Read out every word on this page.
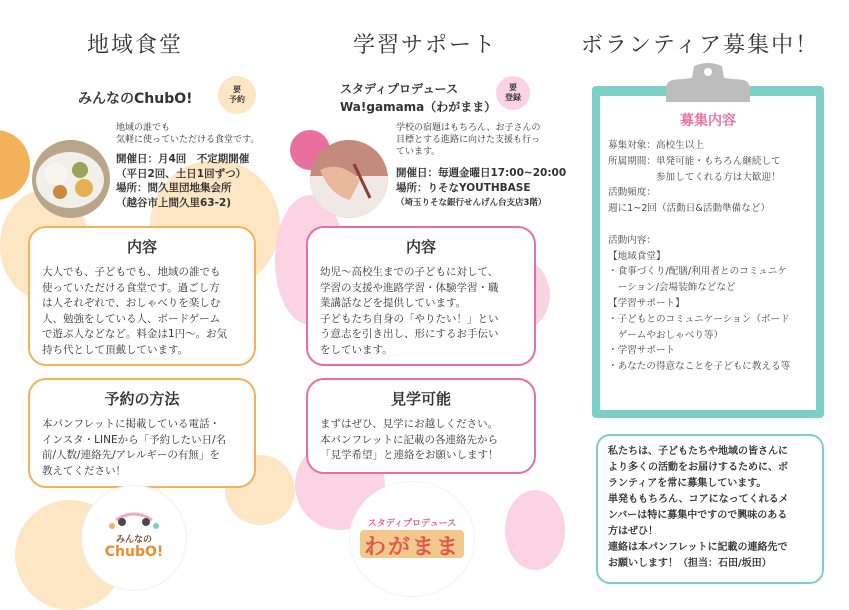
地域食堂	学習サポート	ボランティア募集中！
みんなのChubO!
要
予約
地域の誰でも
気軽に使っていただける食堂です。
開催日：月4回　不定期開催
（平日2回、土日1回ずつ）
場所：間久里団地集会所
（越谷市上間久里63-2)
内容
大人でも、子どもでも、地域の誰でも
使っていただける食堂です。過ごし方
は人それぞれで、おしゃべりを楽しむ
人、勉強をしている人、ボードゲーム
で遊ぶ人などなど。料金は1円～。お気
持ち代として頂戴しています。
予約の方法
本パンフレットに掲載している電話・
インスタ・LINEから「予約したい日/名
前/人数/連絡先/アレルギーの有無」を
教えてください！
みんなの
ChubO!
スタディプロデュース
Wa!gamama（わがまま）
要
登録
学校の宿題はもちろん、お子さんの
目標とする進路に向けた支援も行っ
ています。
開催日：毎週金曜日17:00~20:00
場所：りそなYOUTHBASE
（埼玉りそな銀行せんげん台支店3階）
内容
幼児～高校生までの子どもに対して、
学習の支援や進路学習・体験学習・職
業講話などを提供しています。
子どもたち自身の「やりたい！」とい
う意志を引き出し、形にするお手伝い
をしています。
見学可能
まずはぜひ、見学にお越しください。
本パンフレットに記載の各連絡先から
「見学希望」と連絡をお願いします！
スタディプロデュース
わがまま
募集内容
募集対象：高校生以上
所属期間：単発可能・もちろん継続して
　　　　　参加してくれる方は大歓迎！
活動頻度：
週に1~2回（活動日&活動準備など）
活動内容：
【地域食堂】
・食事づくり/配膳/利用者とのコミュニケ
　ーション/会場装飾などなど
【学習サポート】
・子どもとのコミュニケーション（ボード
　ゲームやおしゃべり等）
・学習サポート
・あなたの得意なことを子どもに教える等
私たちは、子どもたちや地域の皆さんに
より多くの活動をお届けするために、ボ
ランティアを常に募集しています。
単発ももちろん、コアになってくれるメ
ンバーは特に募集中ですので興味のある
方はぜひ！
連絡は本パンフレットに記載の連絡先で
お願いします！（担当：石田/坂田）
